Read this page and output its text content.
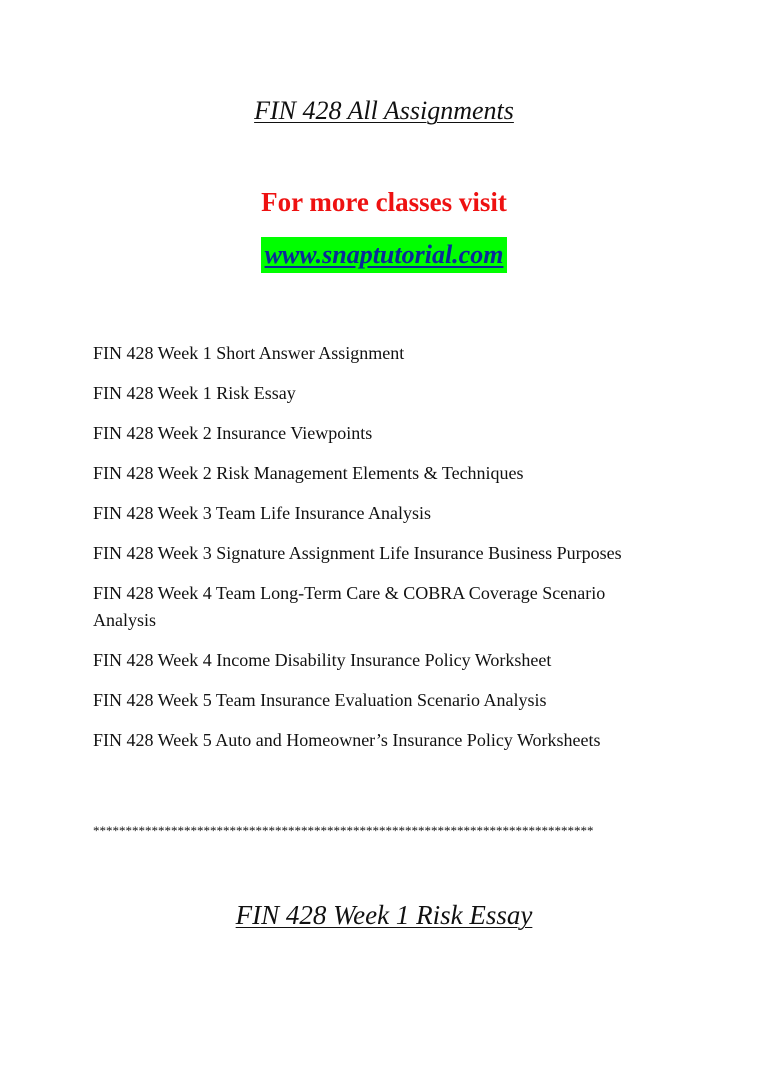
FIN 428 All Assignments
For more classes visit
www.snaptutorial.com
FIN 428 Week 1 Short Answer Assignment
FIN 428 Week 1 Risk Essay
FIN 428 Week 2 Insurance Viewpoints
FIN 428 Week 2 Risk Management Elements & Techniques
FIN 428 Week 3 Team Life Insurance Analysis
FIN 428 Week 3 Signature Assignment Life Insurance Business Purposes
FIN 428 Week 4 Team Long-Term Care & COBRA Coverage Scenario Analysis
FIN 428 Week 4 Income Disability Insurance Policy Worksheet
FIN 428 Week 5 Team Insurance Evaluation Scenario Analysis
FIN 428 Week 5 Auto and Homeowner’s Insurance Policy Worksheets
*****************************************************************************
FIN 428 Week 1 Risk Essay
